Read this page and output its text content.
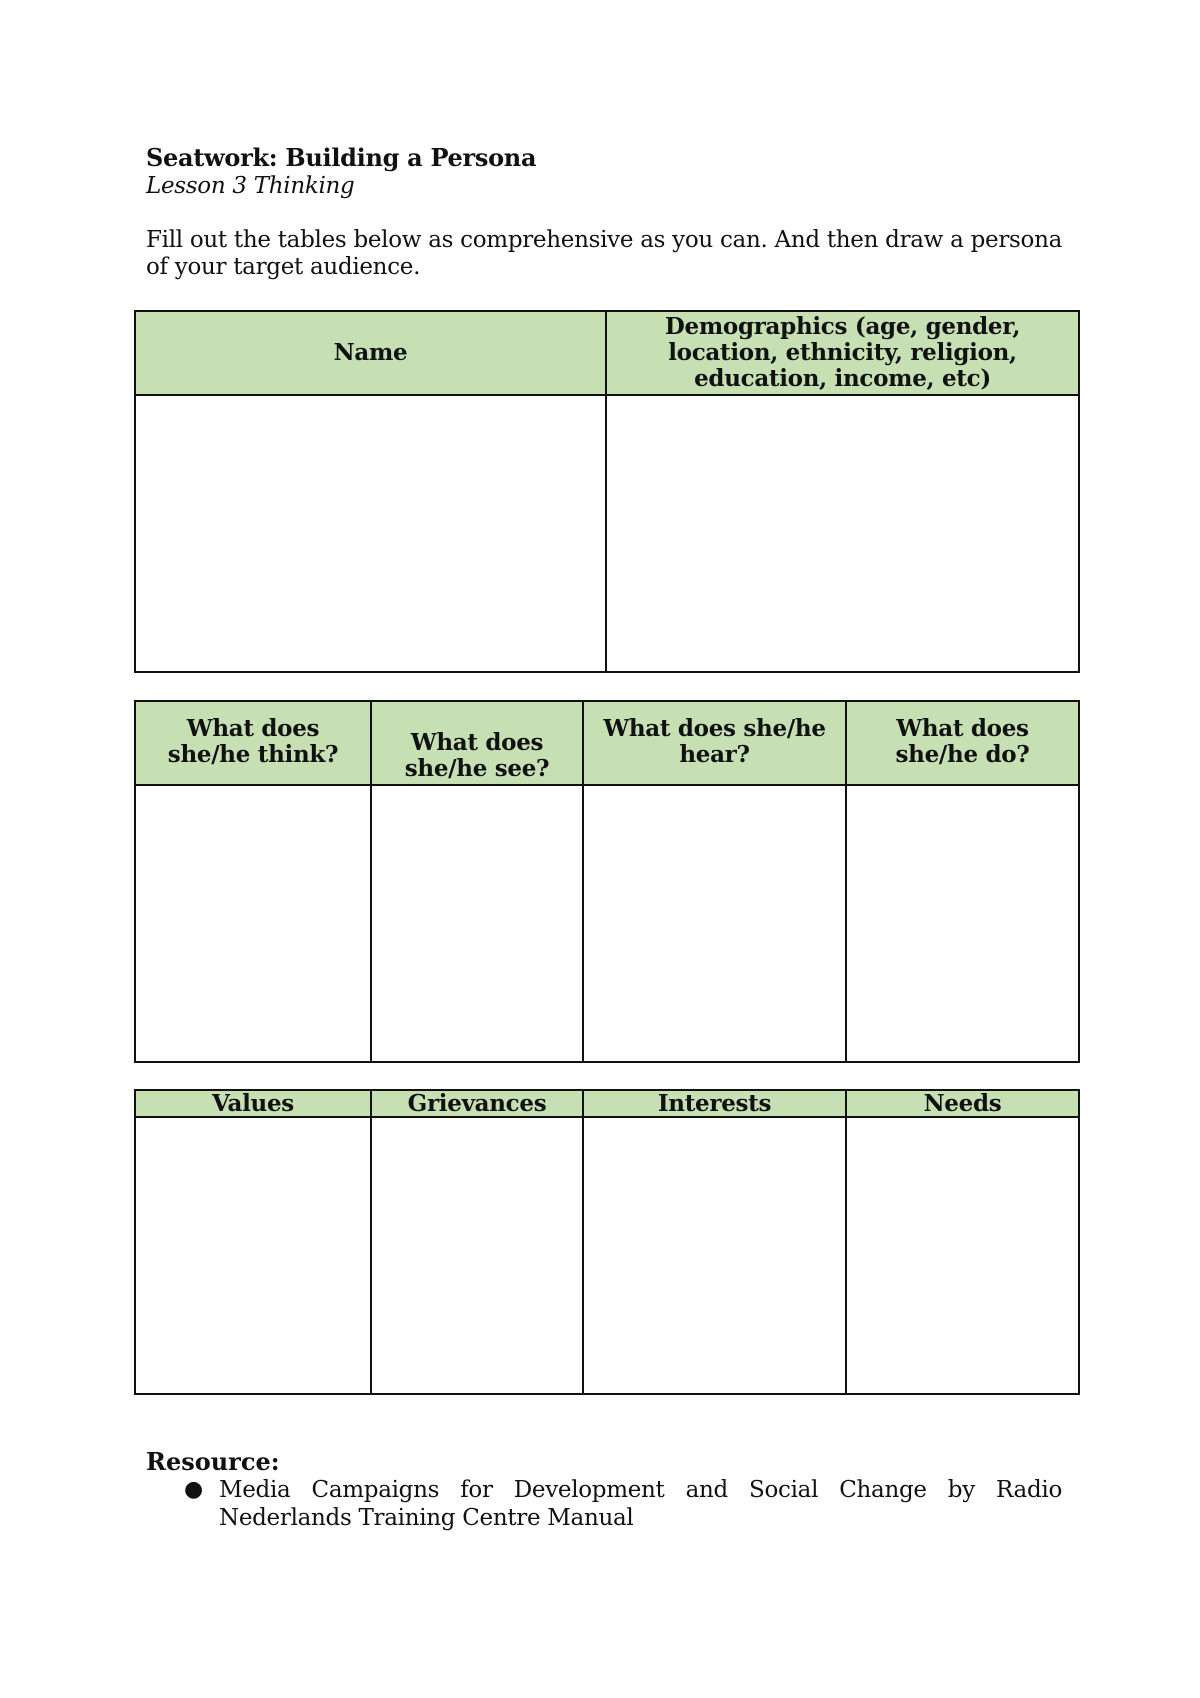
Seatwork: Building a Persona
Lesson 3 Thinking
Fill out the tables below as comprehensive as you can. And then draw a persona of your target audience.
Name	Demographics (age, gender, location, ethnicity, religion, education, income, etc)

What does she/he think?	What does she/he see?	What does she/he hear?	What does she/he do?

Values	Grievances	Interests	Needs

Resource:
● Media Campaigns for Development and Social Change by Radio Nederlands Training Centre Manual
